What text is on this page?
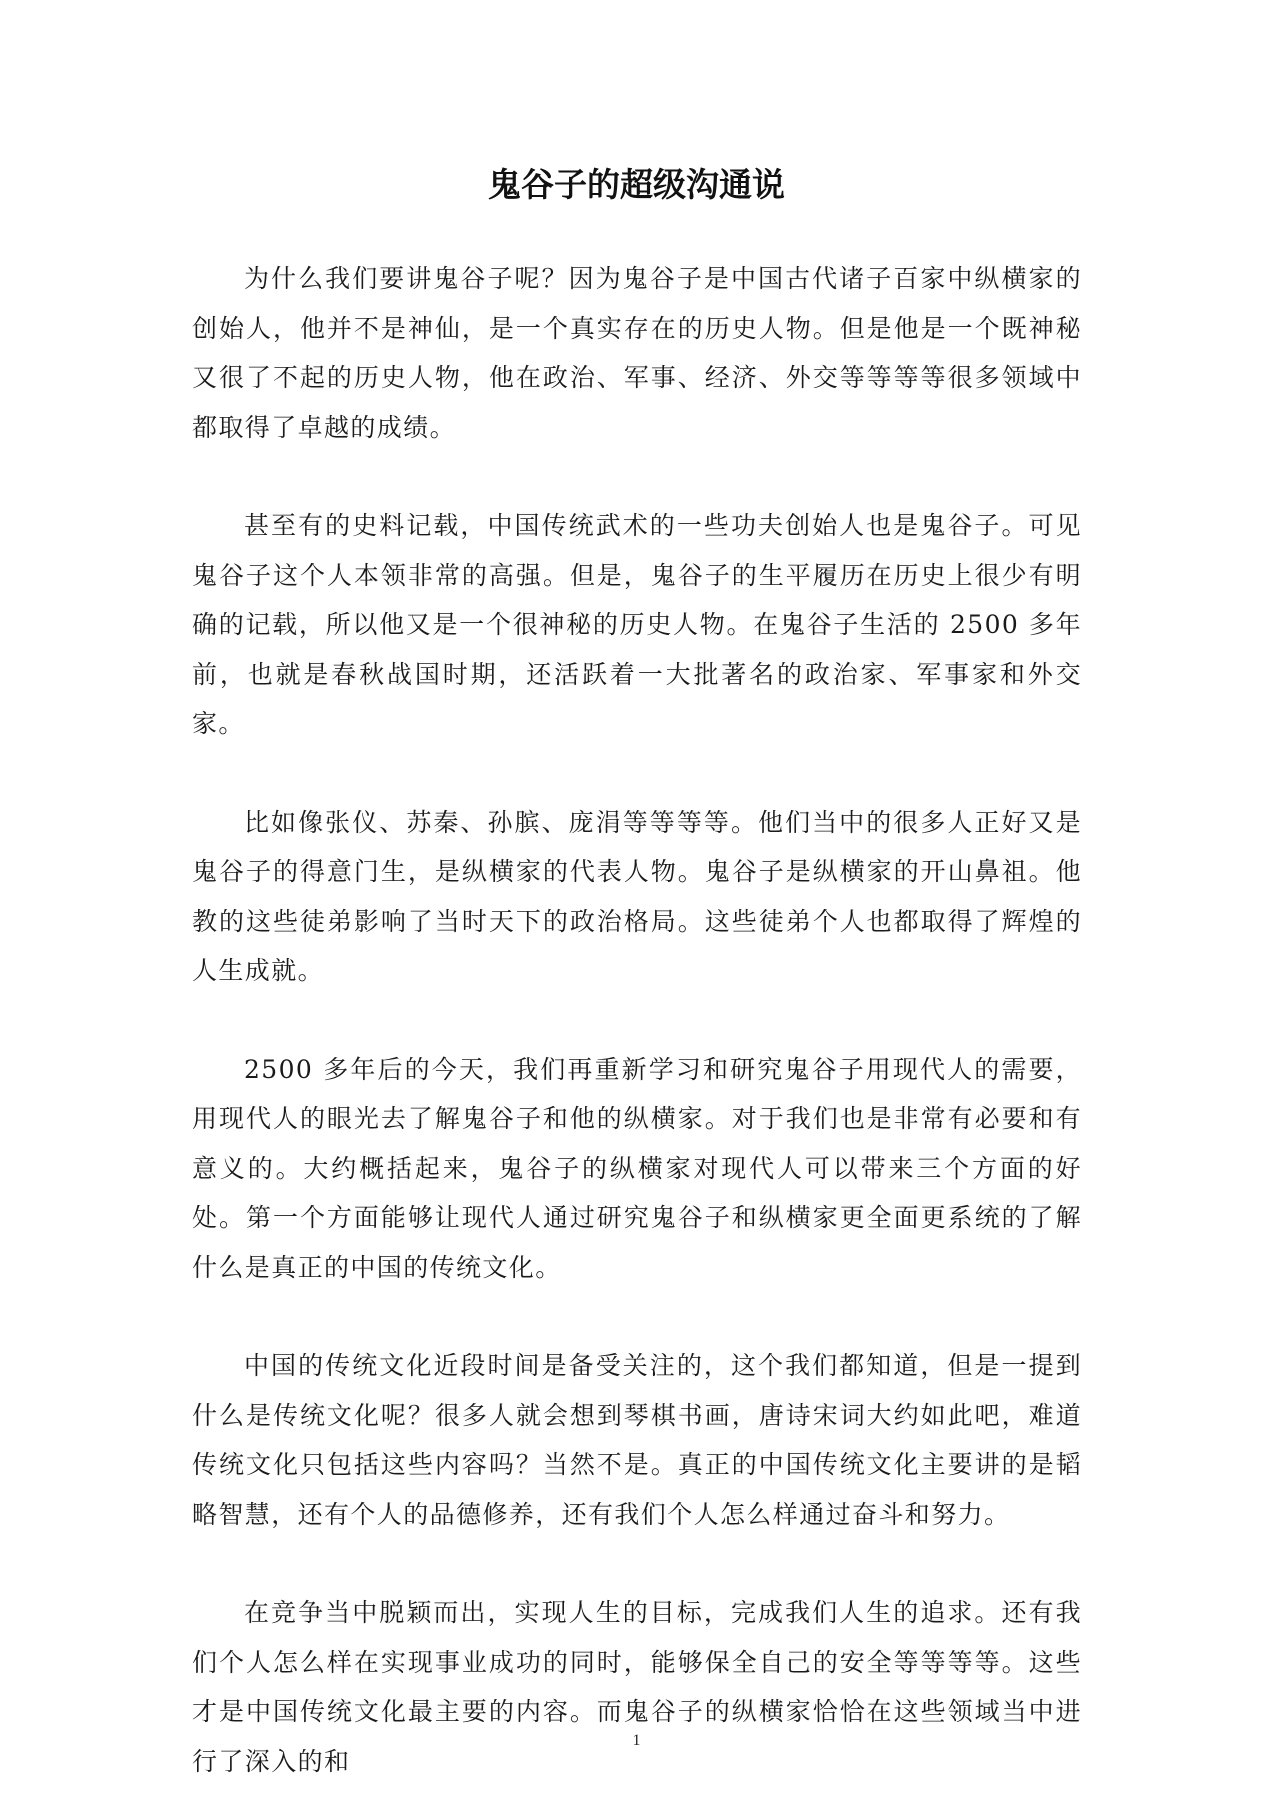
鬼谷子的超级沟通说

为什么我们要讲鬼谷子呢？因为鬼谷子是中国古代诸子百家中纵横家的创始人，他并不是神仙，是一个真实存在的历史人物。但是他是一个既神秘又很了不起的历史人物，他在政治、军事、经济、外交等等等等很多领域中都取得了卓越的成绩。

甚至有的史料记载，中国传统武术的一些功夫创始人也是鬼谷子。可见鬼谷子这个人本领非常的高强。但是，鬼谷子的生平履历在历史上很少有明确的记载，所以他又是一个很神秘的历史人物。在鬼谷子生活的 2500 多年前，也就是春秋战国时期，还活跃着一大批著名的政治家、军事家和外交家。

比如像张仪、苏秦、孙膑、庞涓等等等等。他们当中的很多人正好又是鬼谷子的得意门生，是纵横家的代表人物。鬼谷子是纵横家的开山鼻祖。他教的这些徒弟影响了当时天下的政治格局。这些徒弟个人也都取得了辉煌的人生成就。

2500 多年后的今天，我们再重新学习和研究鬼谷子用现代人的需要，用现代人的眼光去了解鬼谷子和他的纵横家。对于我们也是非常有必要和有意义的。大约概括起来，鬼谷子的纵横家对现代人可以带来三个方面的好处。第一个方面能够让现代人通过研究鬼谷子和纵横家更全面更系统的了解什么是真正的中国的传统文化。

中国的传统文化近段时间是备受关注的，这个我们都知道，但是一提到什么是传统文化呢？很多人就会想到琴棋书画，唐诗宋词大约如此吧，难道传统文化只包括这些内容吗？当然不是。真正的中国传统文化主要讲的是韬略智慧，还有个人的品德修养，还有我们个人怎么样通过奋斗和努力。

在竞争当中脱颖而出，实现人生的目标，完成我们人生的追求。还有我们个人怎么样在实现事业成功的同时，能够保全自己的安全等等等等。这些才是中国传统文化最主要的内容。而鬼谷子的纵横家恰恰在这些领域当中进行了深入的和

1
